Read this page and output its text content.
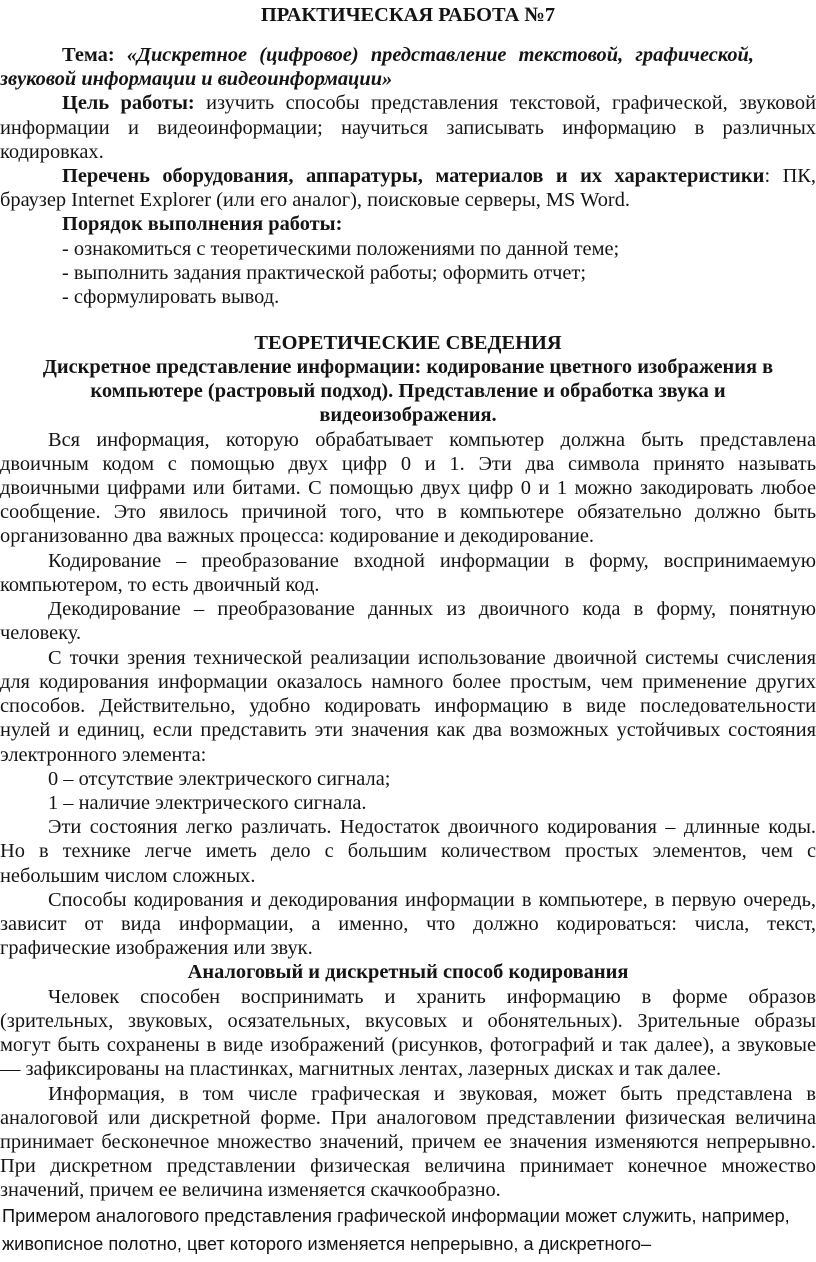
ПРАКТИЧЕСКАЯ РАБОТА №7
Тема: «Дискретное (цифровое) представление текстовой, графической,
звуковой информации и видеоинформации»
Цель работы: изучить способы представления текстовой, графической, звуковой
информации и видеоинформации; научиться записывать информацию в различных
кодировках.
Перечень оборудования, аппаратуры, материалов и их характеристики: ПК,
браузер Internet Explorer (или его аналог), поисковые серверы, MS Word.
Порядок выполнения работы:
- ознакомиться с теоретическими положениями по данной теме;
- выполнить задания практической работы; оформить отчет;
- сформулировать вывод.
ТЕОРЕТИЧЕСКИЕ СВЕДЕНИЯ
Дискретное представление информации: кодирование цветного изображения в
компьютере (растровый подход). Представление и обработка звука и
видеоизображения.
Вся информация, которую обрабатывает компьютер должна быть представлена
двоичным кодом с помощью двух цифр 0 и 1. Эти два символа принято называть
двоичными цифрами или битами. С помощью двух цифр 0 и 1 можно закодировать любое
сообщение. Это явилось причиной того, что в компьютере обязательно должно быть
организованно два важных процесса: кодирование и декодирование.
Кодирование – преобразование входной информации в форму, воспринимаемую
компьютером, то есть двоичный код.
Декодирование – преобразование данных из двоичного кода в форму, понятную
человеку.
С точки зрения технической реализации использование двоичной системы счисления
для кодирования информации оказалось намного более простым, чем применение других
способов. Действительно, удобно кодировать информацию в виде последовательности
нулей и единиц, если представить эти значения как два возможных устойчивых состояния
электронного элемента:
0 – отсутствие электрического сигнала;
1 – наличие электрического сигнала.
Эти состояния легко различать. Недостаток двоичного кодирования – длинные коды.
Но в технике легче иметь дело с большим количеством простых элементов, чем с
небольшим числом сложных.
Способы кодирования и декодирования информации в компьютере, в первую очередь,
зависит от вида информации, а именно, что должно кодироваться: числа, текст,
графические изображения или звук.
Аналоговый и дискретный способ кодирования
Человек способен воспринимать и хранить информацию в форме образов
(зрительных, звуковых, осязательных, вкусовых и обонятельных). Зрительные образы
могут быть сохранены в виде изображений (рисунков, фотографий и так далее), а звуковые
— зафиксированы на пластинках, магнитных лентах, лазерных дисках и так далее.
Информация, в том числе графическая и звуковая, может быть представлена в
аналоговой или дискретной форме. При аналоговом представлении физическая величина
принимает бесконечное множество значений, причем ее значения изменяются непрерывно.
При дискретном представлении физическая величина принимает конечное множество
значений, причем ее величина изменяется скачкообразно.
Примером аналогового представления графической информации может служить, например,
живописное полотно, цвет которого изменяется непрерывно, а дискретного–
